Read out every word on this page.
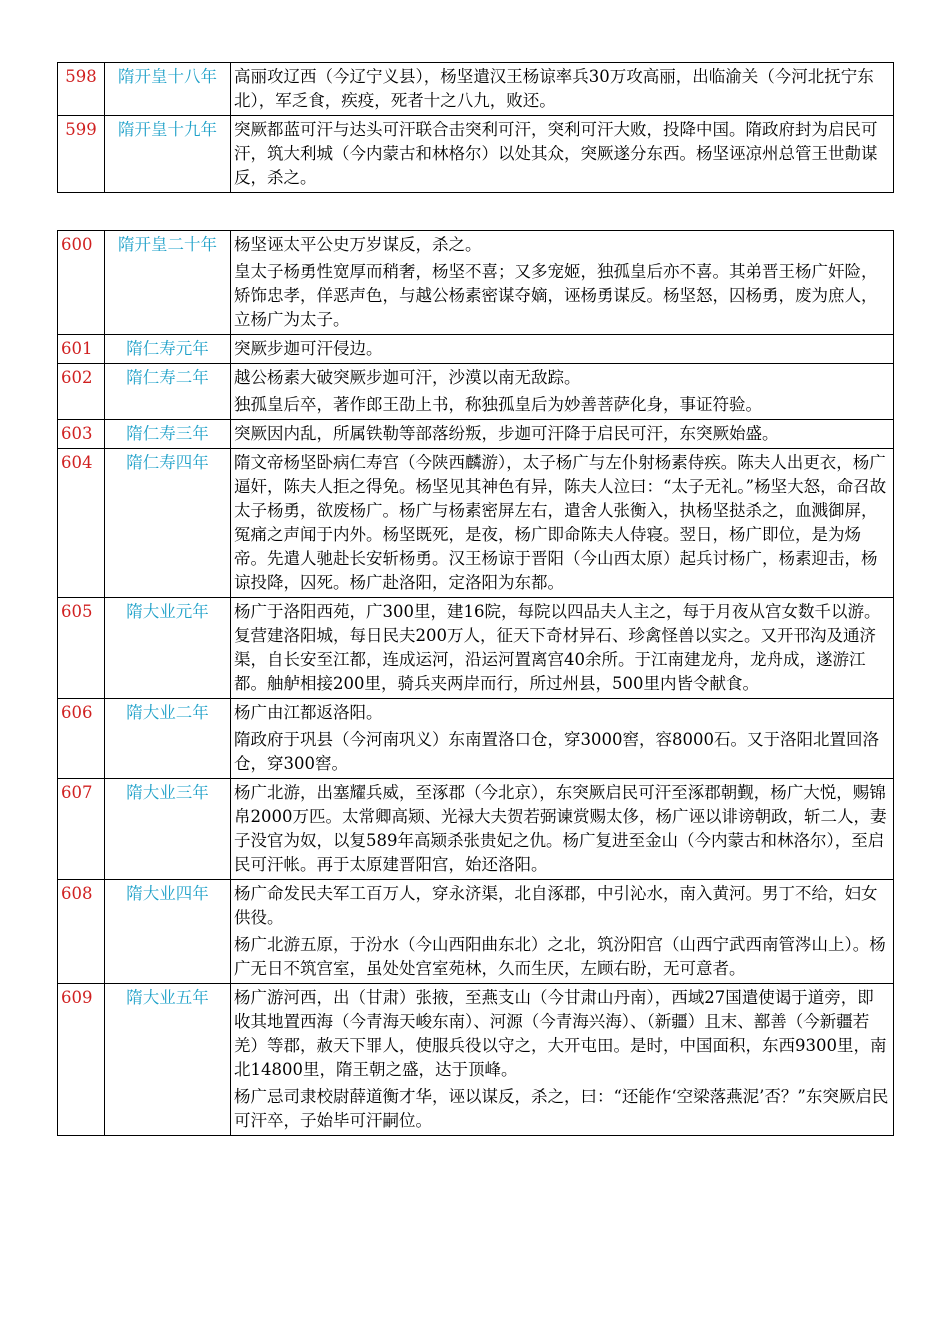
598	隋开皇十八年	高丽攻辽西（今辽宁义县），杨坚遣汉王杨谅率兵30万攻高丽，出临渝关（今河北抚宁东北），军乏食，疾疫，死者十之八九，败还。

599	隋开皇十九年	突厥都蓝可汗与达头可汗联合击突利可汗，突利可汗大败，投降中国。隋政府封为启民可汗，筑大利城（今内蒙古和林格尔）以处其众，突厥遂分东西。杨坚诬凉州总管王世勣谋反，杀之。
600	隋开皇二十年	杨坚诬太平公史万岁谋反，杀之。
皇太子杨勇性宽厚而稍奢，杨坚不喜；又多宠姬，独孤皇后亦不喜。其弟晋王杨广奸险，矫饰忠孝，佯恶声色，与越公杨素密谋夺嫡，诬杨勇谋反。杨坚怒，囚杨勇，废为庶人，立杨广为太子。

601	隋仁寿元年	突厥步迦可汗侵边。

602	隋仁寿二年	越公杨素大破突厥步迦可汗，沙漠以南无敌踪。
独孤皇后卒，著作郎王劭上书，称独孤皇后为妙善菩萨化身，事证符验。

603	隋仁寿三年	突厥因内乱，所属铁勒等部落纷叛，步迦可汗降于启民可汗，东突厥始盛。

604	隋仁寿四年	隋文帝杨坚卧病仁寿宫（今陕西麟游），太子杨广与左仆射杨素侍疾。陈夫人出更衣，杨广逼奸，陈夫人拒之得免。杨坚见其神色有异，陈夫人泣曰：“太子无礼。”杨坚大怒，命召故太子杨勇，欲废杨广。杨广与杨素密屏左右，遣舍人张衡入，执杨坚挞杀之，血溅御屏，冤痛之声闻于内外。杨坚既死，是夜，杨广即命陈夫人侍寝。翌日，杨广即位，是为炀帝。先遣人驰赴长安斩杨勇。汉王杨谅于晋阳（今山西太原）起兵讨杨广，杨素迎击，杨谅投降，囚死。杨广赴洛阳，定洛阳为东都。

605	隋大业元年	杨广于洛阳西苑，广300里，建16院，每院以四品夫人主之，每于月夜从宫女数千以游。复营建洛阳城，每日民夫200万人，征天下奇材异石、珍禽怪兽以实之。又开邗沟及通济渠，自长安至江都，连成运河，沿运河置离宫40余所。于江南建龙舟，龙舟成，遂游江都。舳舻相接200里，骑兵夹两岸而行，所过州县，500里内皆令献食。

606	隋大业二年	杨广由江都返洛阳。
隋政府于巩县（今河南巩义）东南置洛口仓，穿3000窖，容8000石。又于洛阳北置回洛仓，穿300窖。

607	隋大业三年	杨广北游，出塞耀兵威，至涿郡（今北京），东突厥启民可汗至涿郡朝觐，杨广大悦，赐锦帛2000万匹。太常卿高颎、光禄大夫贺若弼谏赏赐太侈，杨广诬以诽谤朝政，斩二人，妻子没官为奴，以复589年高颎杀张贵妃之仇。杨广复进至金山（今内蒙古和林洛尔），至启民可汗帐。再于太原建晋阳宫，始还洛阳。

608	隋大业四年	杨广命发民夫军工百万人，穿永济渠，北自涿郡，中引沁水，南入黄河。男丁不给，妇女供役。
杨广北游五原，于汾水（今山西阳曲东北）之北，筑汾阳宫（山西宁武西南管涔山上）。杨广无日不筑宫室，虽处处宫室苑林，久而生厌，左顾右盼，无可意者。

609	隋大业五年	杨广游河西，出（甘肃）张掖，至燕支山（今甘肃山丹南），西域27国遣使谒于道旁，即收其地置西海（今青海天峻东南）、河源（今青海兴海）、（新疆）且末、鄯善（今新疆若羌）等郡，赦天下罪人，使服兵役以守之，大开屯田。是时，中国面积，东西9300里，南北14800里，隋王朝之盛，达于顶峰。
杨广忌司隶校尉薛道衡才华，诬以谋反，杀之，曰：“还能作‘空梁落燕泥’否？”东突厥启民可汗卒，子始毕可汗嗣位。
